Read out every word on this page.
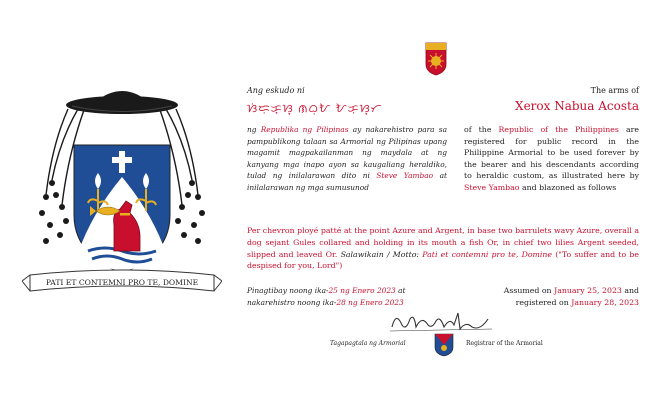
PATI ET CONTEMNI PRO TE, DOMINE
Ang eskudo ni	The arms of
ᜐᜒᜇᜓᜃ᜔ᜐ᜔ ᜈᜊᜓᜀ ᜀᜃᜓᜐ᜔ᜆ	Xerox Nabua Acosta
ng Republika ng Pilipinas ay nakarehistro para sa pampublikong talaan sa Armorial ng Pilipinas upang magamit magpakailanman ng maydala at ng kanyang mga inapo ayon sa kaugaliang heraldiko, tulad ng inilalarawan dito ni Steve Yambao at inilalarawan ng mga sumusunod
of the Republic of the Philippines are registered for public record in the Philippine Armorial to be used forever by the bearer and his descendants according to heraldic custom, as illustrated here by Steve Yambao and blazoned as follows
Per chevron ployé patté at the point Azure and Argent, in base two barrulets wavy Azure, overall a dog sejant Gules collared and holding in its mouth a fish Or, in chief two lilies Argent seeded, slipped and leaved Or. Salawikain / Motto: Pati et contemni pro te, Domine ("To suffer and to be despised for you, Lord")
Pinagtibay noong ika-25 ng Enero 2023 at
nakarehistro noong ika-28 ng Enero 2023
Assumed on January 25, 2023 and
registered on January 28, 2023
Tagapagtala ng Armorial	Registrar of the Armorial
